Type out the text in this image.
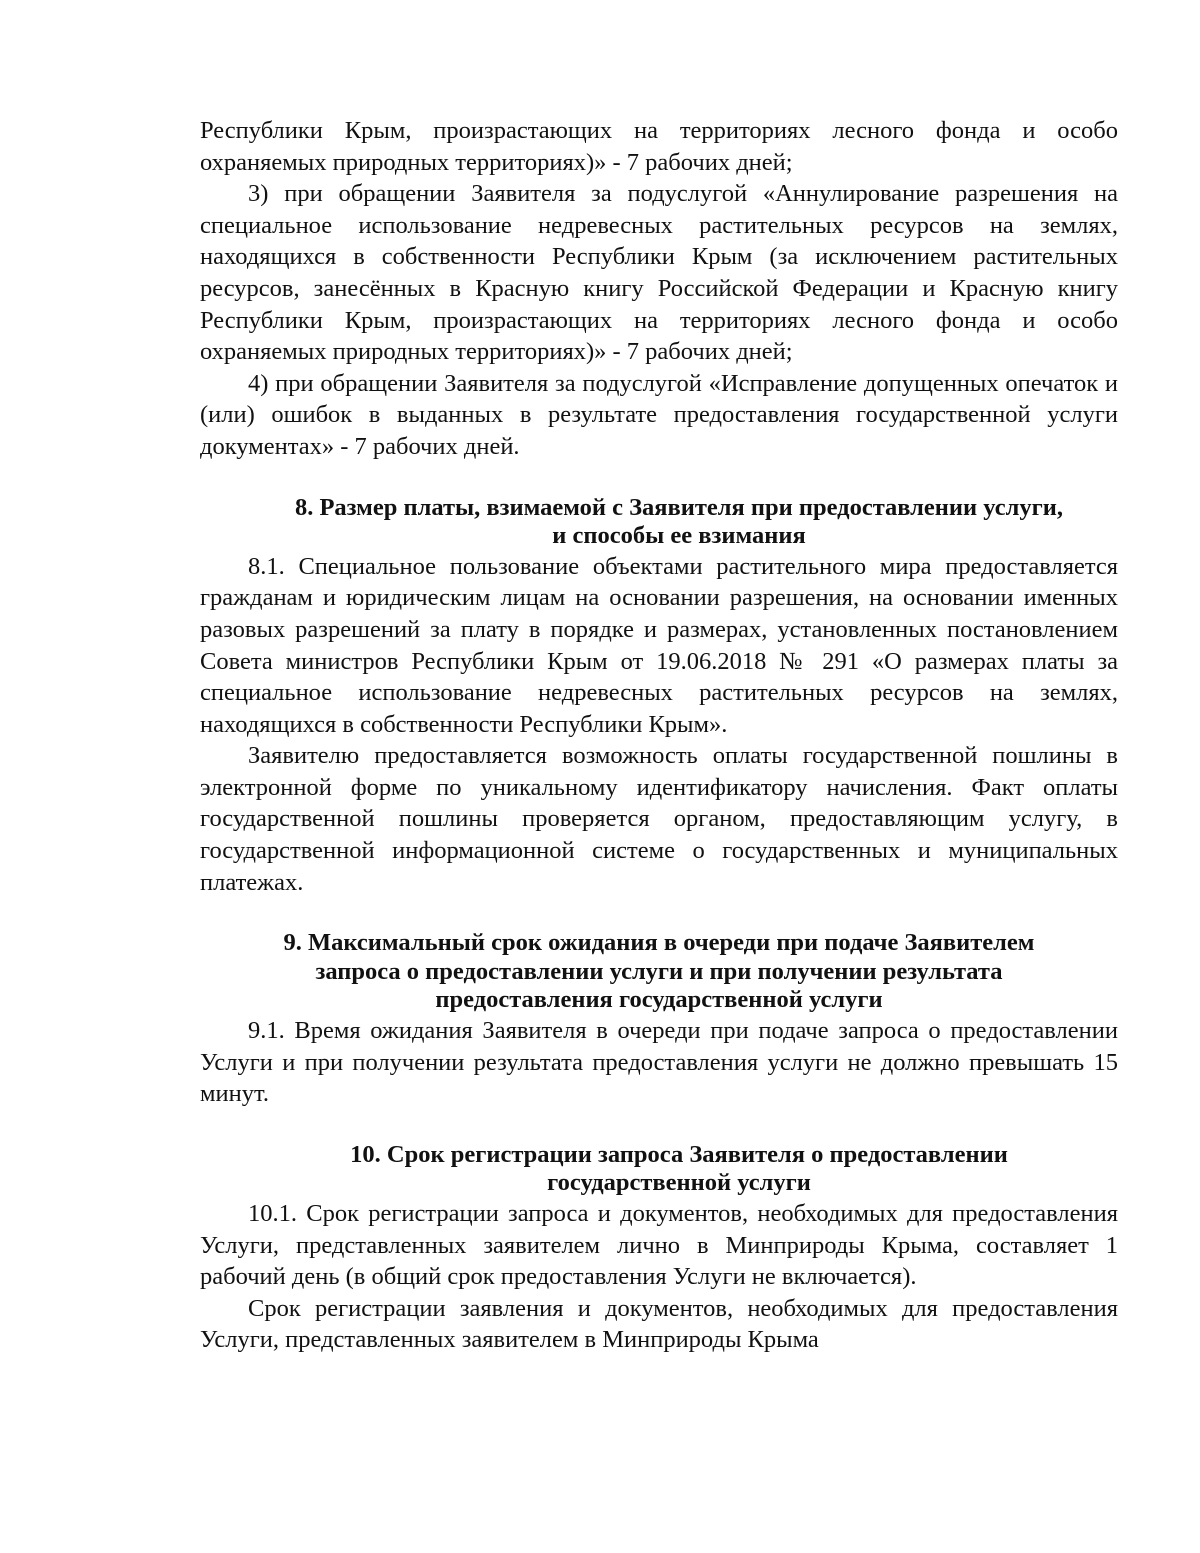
Республики Крым, произрастающих на территориях лесного фонда и особо охраняемых природных территориях)» - 7 рабочих дней;

3) при обращении Заявителя за подуслугой «Аннулирование разрешения на специальное использование недревесных растительных ресурсов на землях, находящихся в собственности Республики Крым (за исключением растительных ресурсов, занесённых в Красную книгу Российской Федерации и Красную книгу Республики Крым, произрастающих на территориях лесного фонда и особо охраняемых природных территориях)» - 7 рабочих дней;

4) при обращении Заявителя за подуслугой «Исправление допущенных опечаток и (или) ошибок в выданных в результате предоставления государственной услуги документах» - 7 рабочих дней.

8. Размер платы, взимаемой с Заявителя при предоставлении услуги,
и способы ее взимания

8.1. Специальное пользование объектами растительного мира предоставляется гражданам и юридическим лицам на основании разрешения, на основании именных разовых разрешений за плату в порядке и размерах, установленных постановлением Совета министров Республики Крым от 19.06.2018 № 291 «О размерах платы за специальное использование недревесных растительных ресурсов на землях, находящихся в собственности Республики Крым».

Заявителю предоставляется возможность оплаты государственной пошлины в электронной форме по уникальному идентификатору начисления. Факт оплаты государственной пошлины проверяется органом, предоставляющим услугу, в государственной информационной системе о государственных и муниципальных платежах.

9. Максимальный срок ожидания в очереди при подаче Заявителем
запроса о предоставлении услуги и при получении результата
предоставления государственной услуги

9.1. Время ожидания Заявителя в очереди при подаче запроса о предоставлении Услуги и при получении результата предоставления услуги не должно превышать 15 минут.

10. Срок регистрации запроса Заявителя о предоставлении
государственной услуги

10.1. Срок регистрации запроса и документов, необходимых для предоставления Услуги, представленных заявителем лично в Минприроды Крыма, составляет 1 рабочий день (в общий срок предоставления Услуги не включается).

Срок регистрации заявления и документов, необходимых для предоставления Услуги, представленных заявителем в Минприроды Крыма
